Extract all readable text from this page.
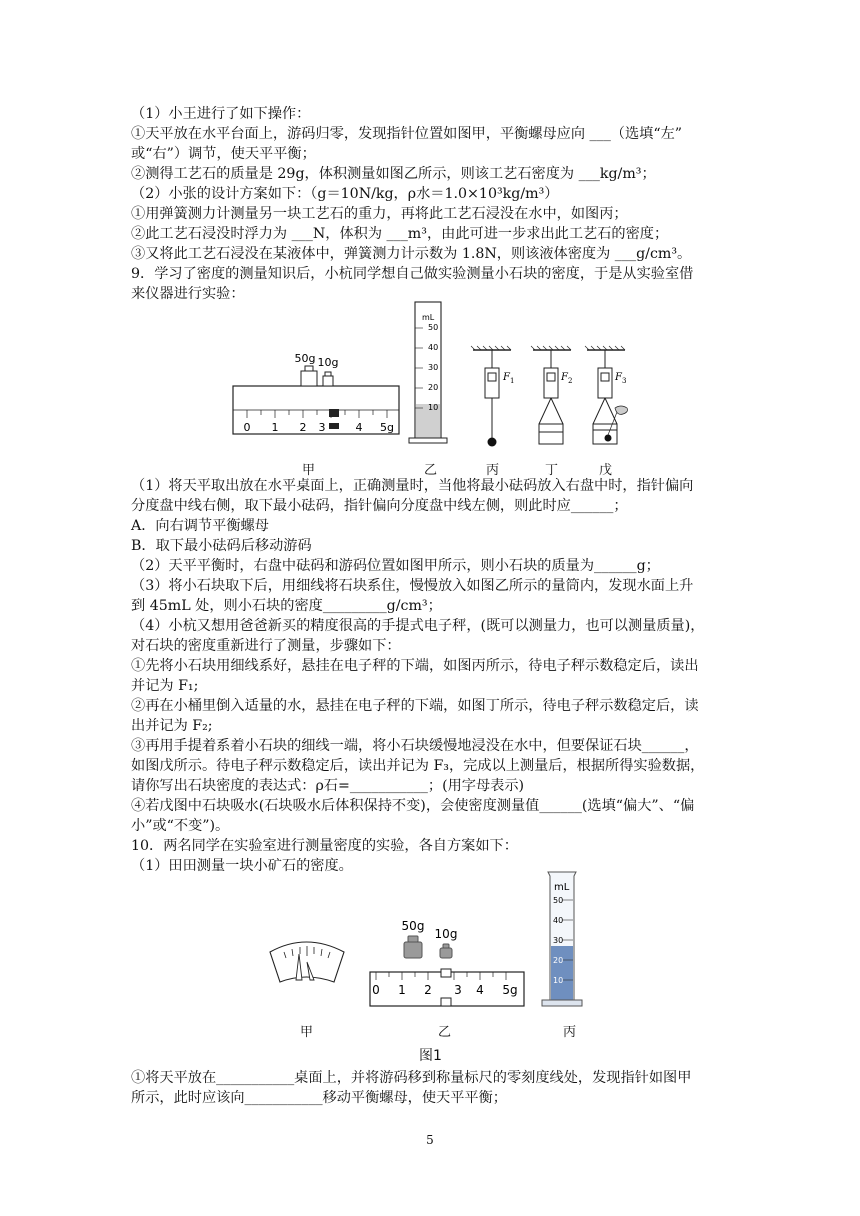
（1）小王进行了如下操作：
①天平放在水平台面上，游码归零，发现指针位置如图甲，平衡螺母应向 ___（选填“左”
或“右”）调节，使天平平衡；
②测得工艺石的质量是 29g，体积测量如图乙所示，则该工艺石密度为 ___kg/m³；
（2）小张的设计方案如下：（g＝10N/kg，ρ水＝1.0×10³kg/m³）
①用弹簧测力计测量另一块工艺石的重力，再将此工艺石浸没在水中，如图丙；
②此工艺石浸没时浮力为 ___N，体积为 ___m³，由此可进一步求出此工艺石的密度；
③又将此工艺石浸没在某液体中，弹簧测力计示数为 1.8N，则该液体密度为 ___g/cm³。
9．学习了密度的测量知识后，小杭同学想自己做实验测量小石块的密度，于是从实验室借
来仪器进行实验：
0 1 2 3	4 5g
50g 10g
mL
50
40
30
20
10
F 1	F 2	F 3
甲	乙	丙	丁	戊
（1）将天平取出放在水平桌面上，正确测量时，当他将最小砝码放入右盘中时，指针偏向
分度盘中线右侧，取下最小砝码，指针偏向分度盘中线左侧，则此时应______；
A．向右调节平衡螺母
B．取下最小砝码后移动游码
（2）天平平衡时，右盘中砝码和游码位置如图甲所示，则小石块的质量为______g；
（3）将小石块取下后，用细线将石块系住，慢慢放入如图乙所示的量筒内，发现水面上升
到 45mL 处，则小石块的密度_________g/cm³；
（4）小杭又想用爸爸新买的精度很高的手提式电子秤，(既可以测量力，也可以测量质量)，
对石块的密度重新进行了测量，步骤如下：
①先将小石块用细线系好，悬挂在电子秤的下端，如图丙所示，待电子秤示数稳定后，读出
并记为 F₁;
②再在小桶里倒入适量的水，悬挂在电子秤的下端，如图丁所示，待电子秤示数稳定后，读
出并记为 F₂;
③再用手提着系着小石块的细线一端，将小石块缓慢地浸没在水中，但要保证石块______，
如图戊所示。待电子秤示数稳定后，读出并记为 F₃，完成以上测量后，根据所得实验数据，
请你写出石块密度的表达式：ρ石=___________；(用字母表示)
④若戊图中石块吸水(石块吸水后体积保持不变)，会使密度测量值______(选填“偏大”、“偏
小”或“不变”)。
10．两名同学在实验室进行测量密度的实验，各自方案如下：
（1）田田测量一块小矿石的密度。
50g
10g
0 1 2 3 4 5g
mL
50
40
30
20
10
甲	乙	丙
图1
①将天平放在___________桌面上，并将游码移到称量标尺的零刻度线处，发现指针如图甲
所示，此时应该向___________移动平衡螺母，使天平平衡；
5
